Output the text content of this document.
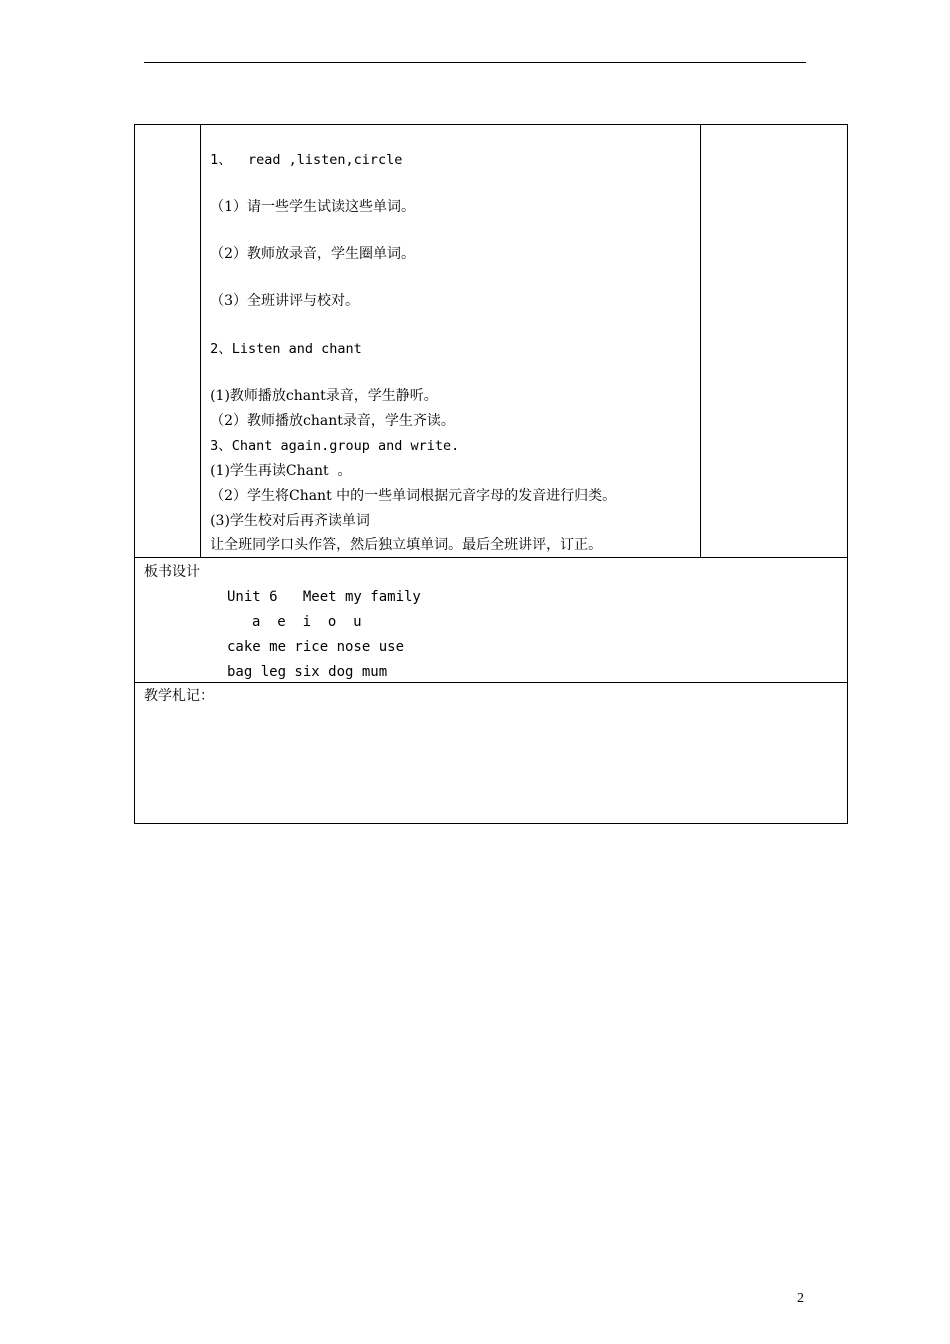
1、  read ,listen,circle
（1）请一些学生试读这些单词。
（2）教师放录音，学生圈单词。
（3）全班讲评与校对。
2、Listen and chant
(1)教师播放chant录音，学生静听。
（2）教师播放chant录音，学生齐读。
3、Chant again.group and write.
(1)学生再读Chant  。
（2）学生将Chant 中的一些单词根据元音字母的发音进行归类。
(3)学生校对后再齐读单词
让全班同学口头作答，然后独立填单词。最后全班讲评，订正。

板书设计
Unit 6   Meet my family
a  e  i  o  u
cake me rice nose use
bag leg six dog mum

教学札记：
2
